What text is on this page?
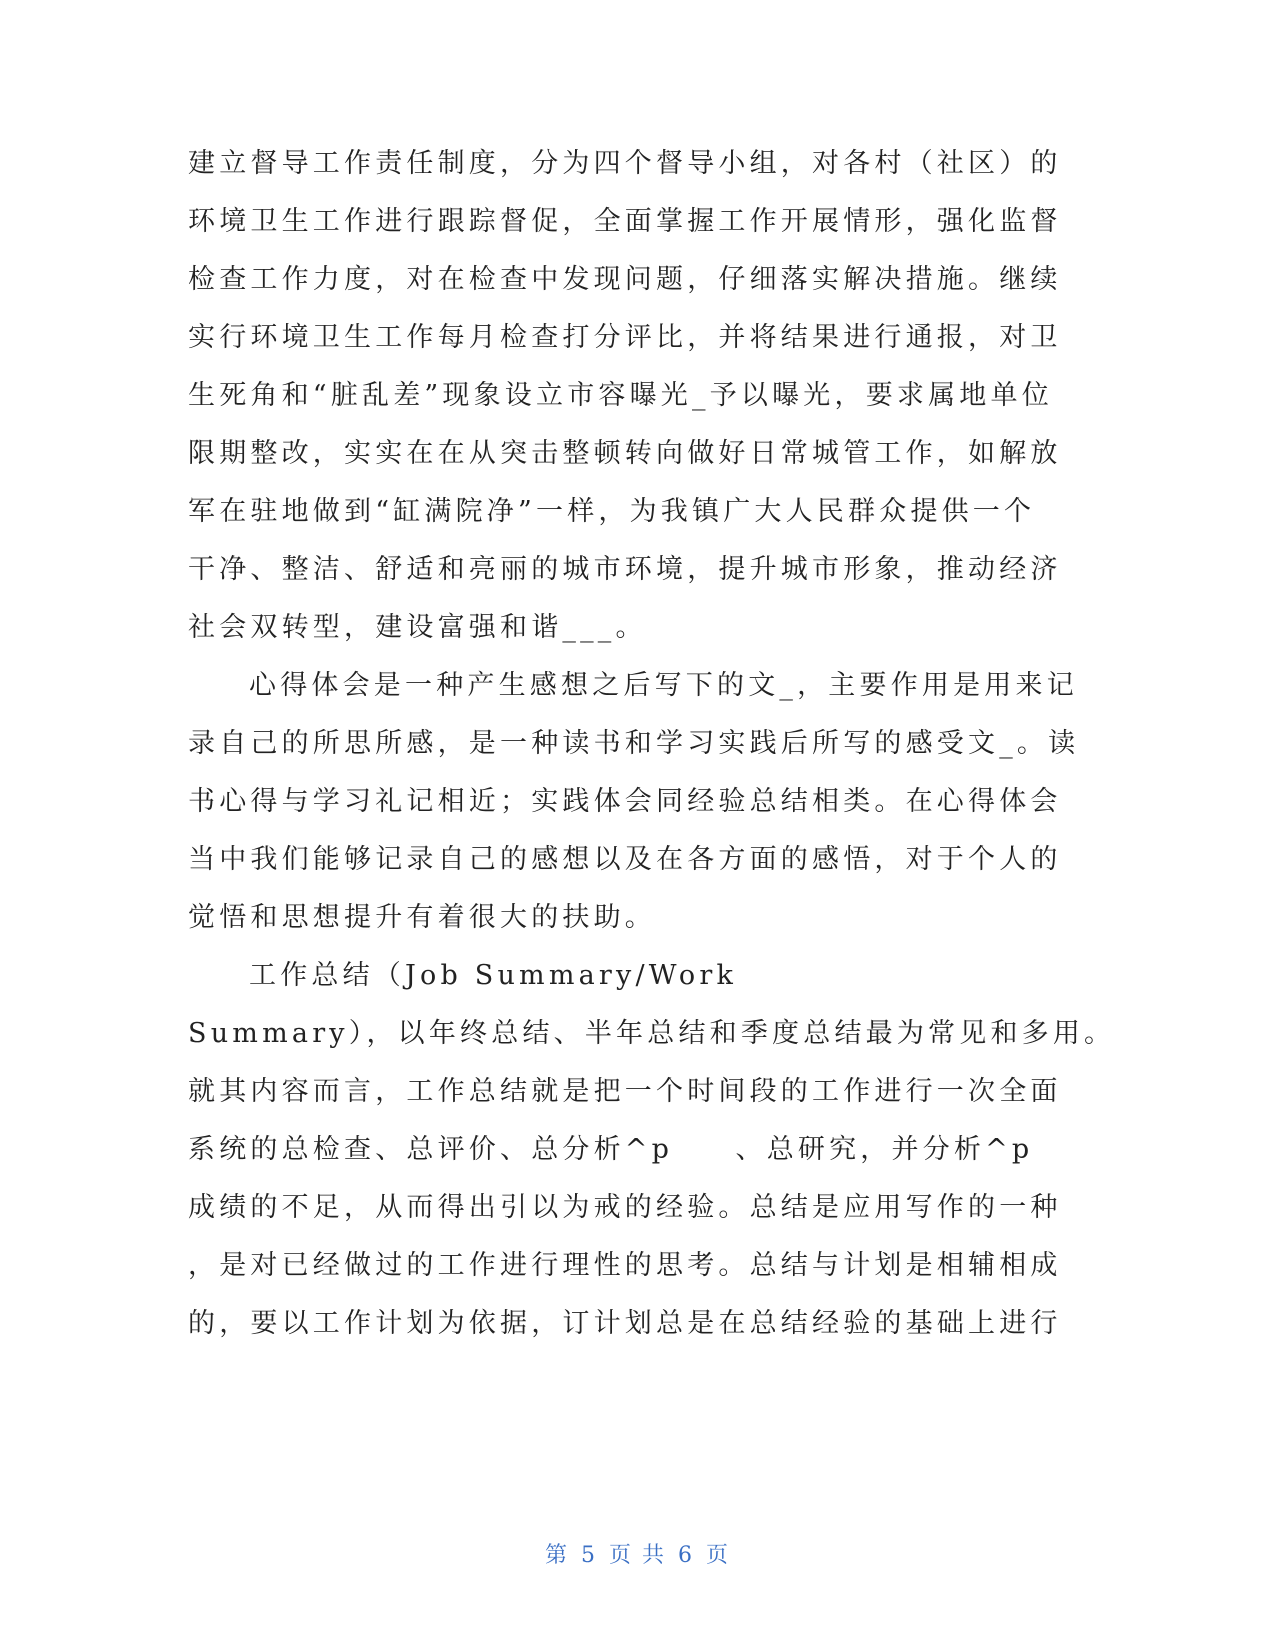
建立督导工作责任制度，分为四个督导小组，对各村（社区）的
环境卫生工作进行跟踪督促，全面掌握工作开展情形，强化监督
检查工作力度，对在检查中发现问题，仔细落实解决措施。继续
实行环境卫生工作每月检查打分评比，并将结果进行通报，对卫
生死角和“脏乱差”现象设立市容曝光_予以曝光，要求属地单位
限期整改，实实在在从突击整顿转向做好日常城管工作，如解放
军在驻地做到“缸满院净”一样，为我镇广大人民群众提供一个
干净、整洁、舒适和亮丽的城市环境，提升城市形象，推动经济
社会双转型，建设富强和谐___。
心得体会是一种产生感想之后写下的文_，主要作用是用来记
录自己的所思所感，是一种读书和学习实践后所写的感受文_。读
书心得与学习礼记相近；实践体会同经验总结相类。在心得体会
当中我们能够记录自己的感想以及在各方面的感悟，对于个人的
觉悟和思想提升有着很大的扶助。
工作总结（Job Summary/Work
Summary），以年终总结、半年总结和季度总结最为常见和多用。
就其内容而言，工作总结就是把一个时间段的工作进行一次全面
系统的总检查、总评价、总分析^p　　、总研究，并分析^p
成绩的不足，从而得出引以为戒的经验。总结是应用写作的一种
，是对已经做过的工作进行理性的思考。总结与计划是相辅相成
的，要以工作计划为依据，订计划总是在总结经验的基础上进行
第 5 页 共 6 页
